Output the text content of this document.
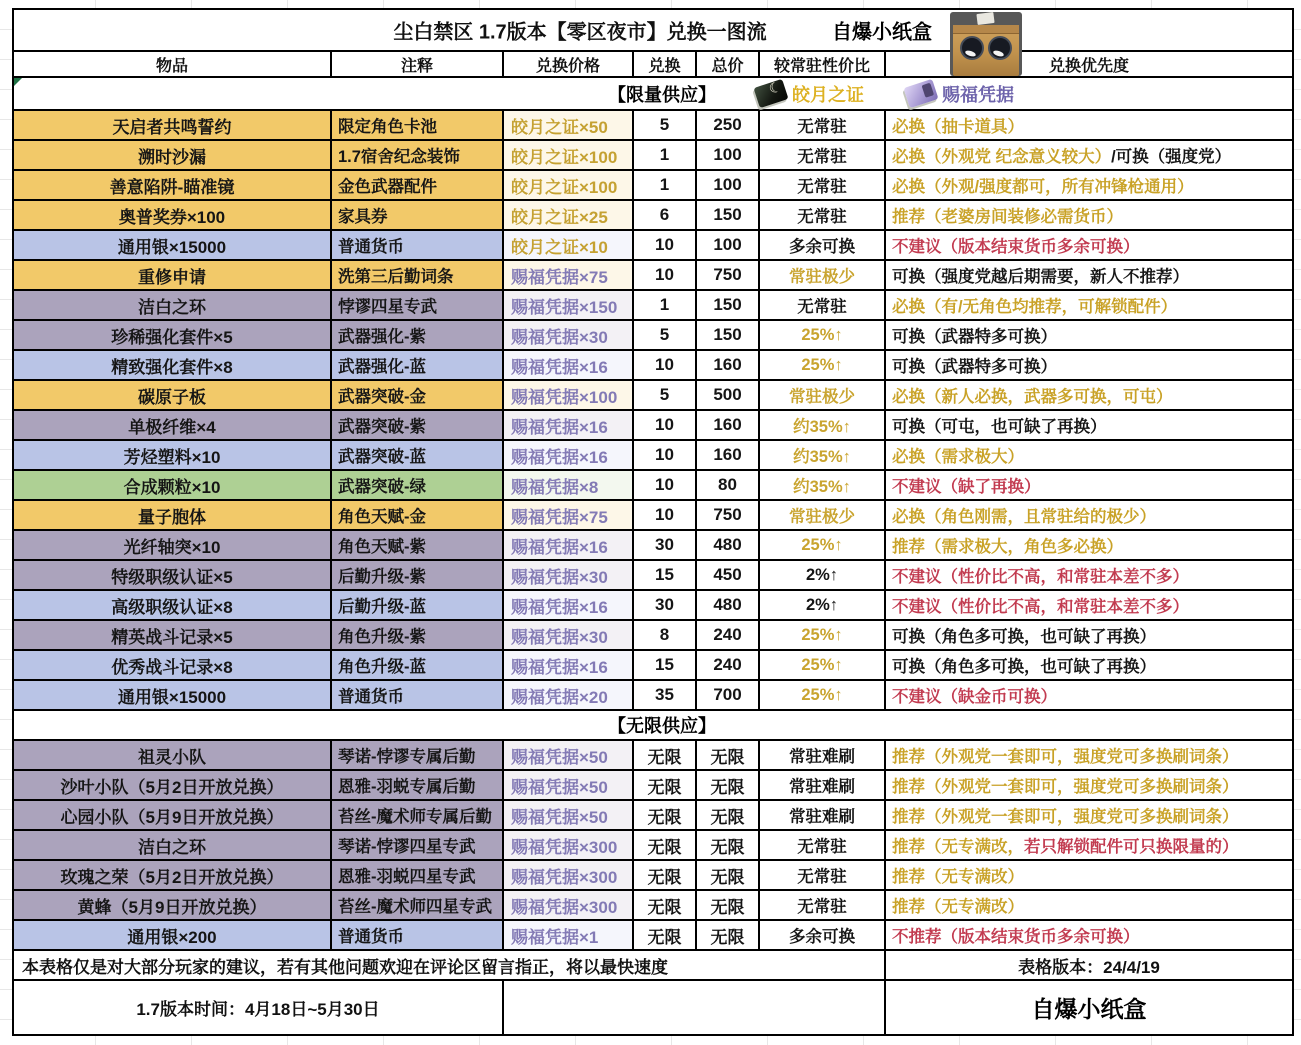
尘白禁区 1.7版本【零区夜市】兑换一图流	自爆小纸盒
物品	注释	兑换价格	兑换	总价	较常驻性价比	兑换优先度
【限量供应】 ☾	皎月之证	赐福凭据
天启者共鸣誓约	限定角色卡池	皎月之证×50	5	250	无常驻	必换（抽卡道具）
溯时沙漏	1.7宿舍纪念装饰	皎月之证×100	1	100	无常驻	必换（外观党 纪念意义较大） /可换（强度党）
善意陷阱-瞄准镜	金色武器配件	皎月之证×100	1	100	无常驻	必换（外观/强度都可，所有冲锋枪通用）
奥普奖券×100	家具券	皎月之证×25	6	150	无常驻	推荐（老婆房间装修必需货币）
通用银×15000	普通货币	皎月之证×10	10	100	多余可换	不建议（版本结束货币多余可换）
重修申请	洗第三后勤词条	赐福凭据×75	10	750	常驻极少	可换（强度党越后期需要，新人不推荐）
洁白之环	悖谬四星专武	赐福凭据×150	1	150	无常驻	必换（有/无角色均推荐，可解锁配件）
珍稀强化套件×5	武器强化-紫	赐福凭据×30	5	150	25%↑	可换（武器特多可换）
精致强化套件×8	武器强化-蓝	赐福凭据×16	10	160	25%↑	可换（武器特多可换）
碳原子板	武器突破-金	赐福凭据×100	5	500	常驻极少	必换（新人必换，武器多可换，可屯）
单极纤维×4	武器突破-紫	赐福凭据×16	10	160	约35%↑	可换（可屯，也可缺了再换）
芳烃塑料×10	武器突破-蓝	赐福凭据×16	10	160	约35%↑	必换（需求极大）
合成颗粒×10	武器突破-绿	赐福凭据×8	10	80	约35%↑	不建议（缺了再换）
量子胞体	角色天赋-金	赐福凭据×75	10	750	常驻极少	必换（角色刚需，且常驻给的极少）
光纤轴突×10	角色天赋-紫	赐福凭据×16	30	480	25%↑	推荐（需求极大，角色多必换）
特级职级认证×5	后勤升级-紫	赐福凭据×30	15	450	2%↑	不建议（性价比不高，和常驻本差不多）
高级职级认证×8	后勤升级-蓝	赐福凭据×16	30	480	2%↑	不建议（性价比不高，和常驻本差不多）
精英战斗记录×5	角色升级-紫	赐福凭据×30	8	240	25%↑	可换（角色多可换，也可缺了再换）
优秀战斗记录×8	角色升级-蓝	赐福凭据×16	15	240	25%↑	可换（角色多可换，也可缺了再换）
通用银×15000	普通货币	赐福凭据×20	35	700	25%↑	不建议（缺金币可换）
【无限供应】
祖灵小队	琴诺-悖谬专属后勤	赐福凭据×50	无限	无限	常驻难刷	推荐（外观党一套即可，强度党可多换刷词条）
沙叶小队（5月2日开放兑换）	恩雅-羽蜕专属后勤	赐福凭据×50	无限	无限	常驻难刷	推荐（外观党一套即可，强度党可多换刷词条）
心园小队（5月9日开放兑换）	苔丝-魔术师专属后勤	赐福凭据×50	无限	无限	常驻难刷	推荐（外观党一套即可，强度党可多换刷词条）
洁白之环	琴诺-悖谬四星专武	赐福凭据×300	无限	无限	无常驻	推荐（无专满改， 若只解锁配件可只换限量的）
玫瑰之荣（5月2日开放兑换）	恩雅-羽蜕四星专武	赐福凭据×300	无限	无限	无常驻	推荐（无专满改）
黄蜂（5月9日开放兑换）	苔丝-魔术师四星专武	赐福凭据×300	无限	无限	无常驻	推荐（无专满改）
通用银×200	普通货币	赐福凭据×1	无限	无限	多余可换	不推荐（版本结束货币多余可换）
本表格仅是对大部分玩家的建议，若有其他问题欢迎在评论区留言指正，将以最快速度	表格版本：24/4/19
1.7版本时间：4月18日~5月30日	自爆小纸盒
